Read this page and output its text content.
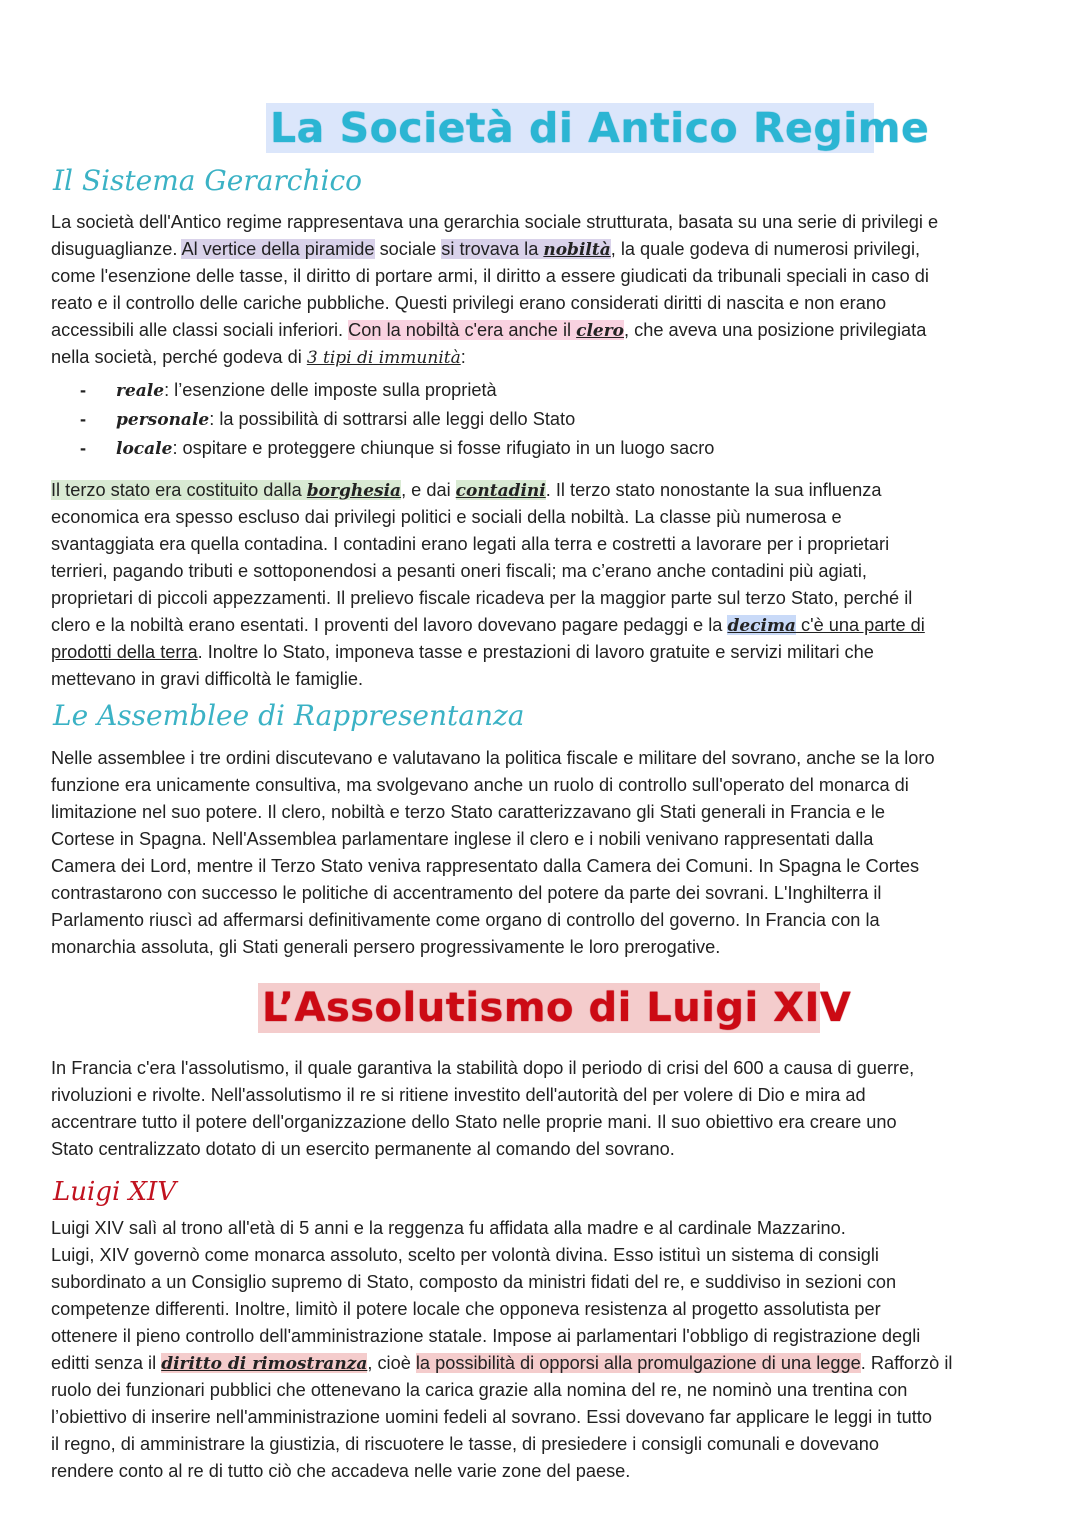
La Società di Antico Regime
Il Sistema Gerarchico
La società dell'Antico regime rappresentava una gerarchia sociale strutturata, basata su una serie di privilegi e
disuguaglianze. Al vertice della piramide sociale si trovava la nobiltà, la quale godeva di numerosi privilegi,
come l'esenzione delle tasse, il diritto di portare armi, il diritto a essere giudicati da tribunali speciali in caso di
reato e il controllo delle cariche pubbliche. Questi privilegi erano considerati diritti di nascita e non erano
accessibili alle classi sociali inferiori. Con la nobiltà c'era anche il clero, che aveva una posizione privilegiata
nella società, perché godeva di 3 tipi di immunità:
- reale: l’esenzione delle imposte sulla proprietà
- personale: la possibilità di sottrarsi alle leggi dello Stato
- locale: ospitare e proteggere chiunque si fosse rifugiato in un luogo sacro
Il terzo stato era costituito dalla borghesia, e dai contadini. Il terzo stato nonostante la sua influenza
economica era spesso escluso dai privilegi politici e sociali della nobiltà. La classe più numerosa e
svantaggiata era quella contadina. I contadini erano legati alla terra e costretti a lavorare per i proprietari
terrieri, pagando tributi e sottoponendosi a pesanti oneri fiscali; ma c’erano anche contadini più agiati,
proprietari di piccoli appezzamenti. Il prelievo fiscale ricadeva per la maggior parte sul terzo Stato, perché il
clero e la nobiltà erano esentati. I proventi del lavoro dovevano pagare pedaggi e la decima c'è una parte di
prodotti della terra. Inoltre lo Stato, imponeva tasse e prestazioni di lavoro gratuite e servizi militari che
mettevano in gravi difficoltà le famiglie.
Le Assemblee di Rappresentanza
Nelle assemblee i tre ordini discutevano e valutavano la politica fiscale e militare del sovrano, anche se la loro
funzione era unicamente consultiva, ma svolgevano anche un ruolo di controllo sull'operato del monarca di
limitazione nel suo potere. Il clero, nobiltà e terzo Stato caratterizzavano gli Stati generali in Francia e le
Cortese in Spagna. Nell'Assemblea parlamentare inglese il clero e i nobili venivano rappresentati dalla
Camera dei Lord, mentre il Terzo Stato veniva rappresentato dalla Camera dei Comuni. In Spagna le Cortes
contrastarono con successo le politiche di accentramento del potere da parte dei sovrani. L'Inghilterra il
Parlamento riuscì ad affermarsi definitivamente come organo di controllo del governo. In Francia con la
monarchia assoluta, gli Stati generali persero progressivamente le loro prerogative.
L’Assolutismo di Luigi XIV
In Francia c'era l'assolutismo, il quale garantiva la stabilità dopo il periodo di crisi del 600 a causa di guerre,
rivoluzioni e rivolte. Nell'assolutismo il re si ritiene investito dell'autorità del per volere di Dio e mira ad
accentrare tutto il potere dell'organizzazione dello Stato nelle proprie mani. Il suo obiettivo era creare uno
Stato centralizzato dotato di un esercito permanente al comando del sovrano.
Luigi XIV
Luigi XIV salì al trono all'età di 5 anni e la reggenza fu affidata alla madre e al cardinale Mazzarino.
Luigi, XIV governò come monarca assoluto, scelto per volontà divina. Esso istituì un sistema di consigli
subordinato a un Consiglio supremo di Stato, composto da ministri fidati del re, e suddiviso in sezioni con
competenze differenti. Inoltre, limitò il potere locale che opponeva resistenza al progetto assolutista per
ottenere il pieno controllo dell'amministrazione statale. Impose ai parlamentari l'obbligo di registrazione degli
editti senza il diritto di rimostranza, cioè la possibilità di opporsi alla promulgazione di una legge. Rafforzò il
ruolo dei funzionari pubblici che ottenevano la carica grazie alla nomina del re, ne nominò una trentina con
l’obiettivo di inserire nell'amministrazione uomini fedeli al sovrano. Essi dovevano far applicare le leggi in tutto
il regno, di amministrare la giustizia, di riscuotere le tasse, di presiedere i consigli comunali e dovevano
rendere conto al re di tutto ciò che accadeva nelle varie zone del paese.
